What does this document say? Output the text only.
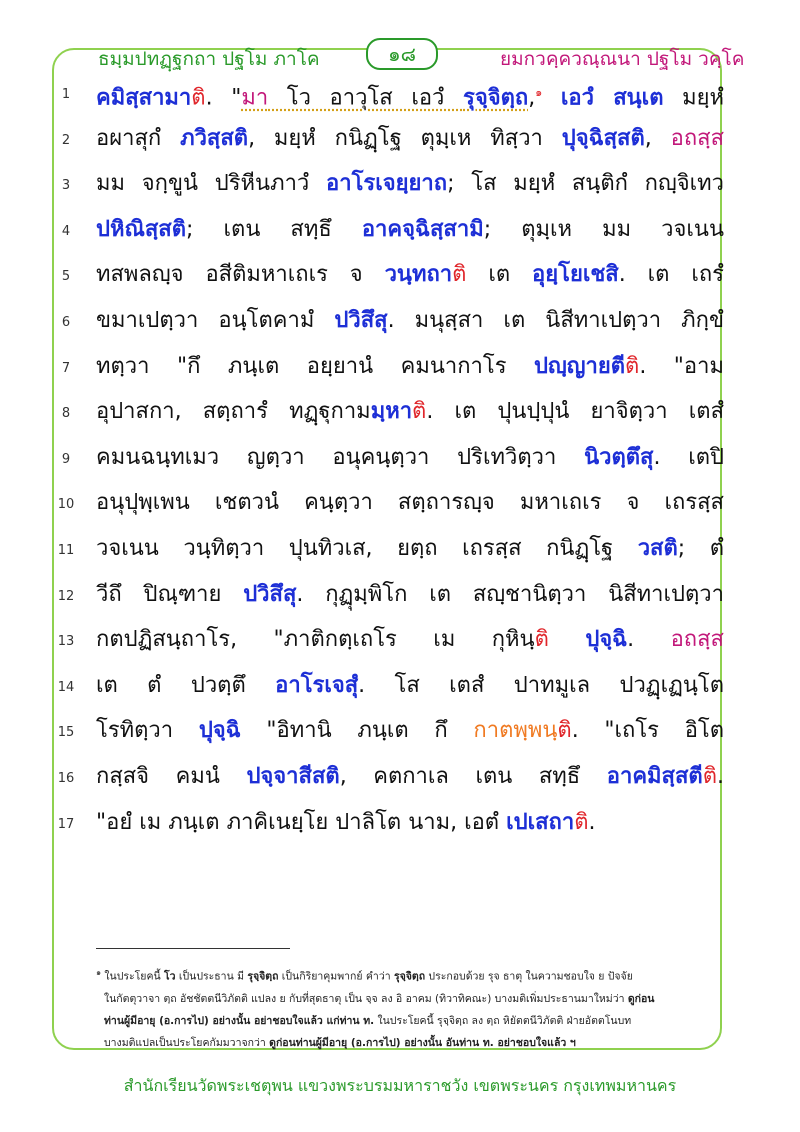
ธมฺมปทฏฺฐกถา ปฐโม ภาโค	๑๘	ยมกวคฺควณฺณนา ปฐโม วคฺโค
1	คมิสฺสามาติ. "มา โว อาวุโส เอวํ รุจฺจิตฺถ,$^๑$ เอวํ สนฺเต มยฺหํ
2	อผาสุกํ ภวิสฺสติ, มยฺหํ กนิฏฺโฐ ตุมฺเห ทิสฺวา ปุจฺฉิสฺสติ, อถสฺส
3	มม จกฺขูนํ ปริหีนภาวํ อาโรเจยฺยาถ; โส มยฺหํ สนฺติกํ กญฺจิเทว
4	ปหิณิสฺสติ; เตน สทฺธึ อาคจฺฉิสฺสามิ; ตุมฺเห มม วจเนน
5	ทสพลญฺจ อสีติมหาเถเร จ วนฺทถาติ เต อุยฺโยเชสิ. เต เถรํ
6	ขมาเปตฺวา อนฺโตคามํ ปวิสึสุ. มนุสฺสา เต นิสีทาเปตฺวา ภิกฺขํ
7	ทตฺวา "กึ ภนฺเต อยฺยานํ คมนากาโร ปญฺญายตีติ. "อาม
8	อุปาสกา, สตฺถารํ ทฏฺฐุกามมฺหาติ. เต ปุนปฺปุนํ ยาจิตฺวา เตสํ
9	คมนฉนฺทเมว ญตฺวา อนุคนฺตฺวา ปริเทวิตฺวา นิวตฺตึสุ. เตปิ
10 อนุปุพฺเพน เชตวนํ คนฺตฺวา สตฺถารญฺจ มหาเถเร จ เถรสฺส
11 วจเนน วนฺทิตฺวา ปุนทิวเส, ยตฺถ เถรสฺส กนิฏฺโฐ วสติ; ตํ
12 วีถึ ปิณฺฑาย ปวิสึสุ. กุฏุมฺพิโก เต สญฺชานิตฺวา นิสีทาเปตฺวา
13 กตปฏิสนฺถาโร, "ภาติกตฺเถโร เม กุหินฺติ ปุจฺฉิ. อถสฺส
14 เต ตํ ปวตฺตึ อาโรเจสุํ. โส เตสํ ปาทมูเล ปวฏฺเฏนฺโต
15 โรทิตฺวา ปุจฺฉิ "อิทานิ ภนฺเต กึ กาตพฺพนฺติ. "เถโร อิโต
16 กสฺสจิ คมนํ ปจฺจาสีสติ, คตกาเล เตน สทฺธึ อาคมิสฺสตีติ.
17 "อยํ เม ภนฺเต ภาคิเนยฺโย ปาลิโต นาม, เอตํ เปเสถาติ.
$^๑$ ในประโยคนี้ โว เป็นประธาน มี รุจฺจิตฺถ เป็นกิริยาคุมพากย์ คำว่า รุจฺจิตฺถ ประกอบด้วย รุจ ธาตุ ในความชอบใจ ย ปัจจัย
ในกัตตุวาจา ตฺถ อัชชัตตนีวิภัตติ แปลง ย กับที่สุดธาตุ เป็น จฺจ ลง อิ อาคม (ทิวาทิคณะ) บางมติเพิ่มประธานมาใหม่ว่า ดูก่อน
ท่านผู้มีอายุ (อ.การไป) อย่างนั้น อย่าชอบใจแล้ว แก่ท่าน ท. ในประโยคนี้ รุจฺจิตฺถ ลง ตฺถ หิยัตตนีวิภัตติ ฝ่ายอัตตโนบท
บางมติแปลเป็นประโยคกัมมวาจกว่า ดูก่อนท่านผู้มีอายุ (อ.การไป) อย่างนั้น อันท่าน ท. อย่าชอบใจแล้ว ฯ
สำนักเรียนวัดพระเชตุพน แขวงพระบรมมหาราชวัง เขตพระนคร กรุงเทพมหานคร
